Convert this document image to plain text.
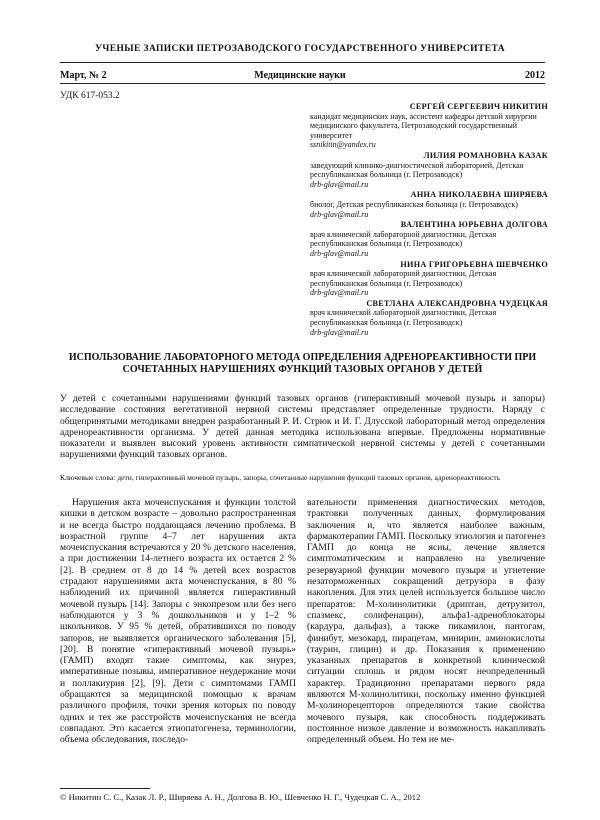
УЧЕНЫЕ ЗАПИСКИ ПЕТРОЗАВОДСКОГО ГОСУДАРСТВЕННОГО УНИВЕРСИТЕТА
Март, № 2	Медицинские науки	2012
УДК 617-053.2
СЕРГЕЙ СЕРГЕЕВИЧ НИКИТИН
кандидат медицинских наук, ассистент кафедры детской хирургии медицинского факультета, Петрозаводский государственный университет
ssnikitin@yandex.ru
ЛИЛИЯ РОМАНОВНА КАЗАК
заведующий клинико-диагностической лабораторией, Детская республиканская больница (г. Петрозаводск)
drb-glav@mail.ru
АННА НИКОЛАЕВНА ШИРЯЕВА
биолог, Детская республиканская больница (г. Петрозаводск)
drb-glav@mail.ru
ВАЛЕНТИНА ЮРЬЕВНА ДОЛГОВА
врач клинической лабораторной диагностики, Детская республиканская больница (г. Петрозаводск)
drb-glav@mail.ru
НИНА ГРИГОРЬЕВНА ШЕВЧЕНКО
врач клинической лабораторной диагностики, Детская республиканская больница (г. Петрозаводск)
drb-glav@mail.ru
СВЕТЛАНА АЛЕКСАНДРОВНА ЧУДЕЦКАЯ
врач клинической лабораторной диагностики, Детская республиканская больница (г. Петрозаводск)
drb-glav@mail.ru
ИСПОЛЬЗОВАНИЕ ЛАБОРАТОРНОГО МЕТОДА ОПРЕДЕЛЕНИЯ АДРЕНОРЕАКТИВНОСТИ ПРИ СОЧЕТАННЫХ НАРУШЕНИЯХ ФУНКЦИЙ ТАЗОВЫХ ОРГАНОВ У ДЕТЕЙ
У детей с сочетанными нарушениями функций тазовых органов (гиперактивный мочевой пузырь и запоры) исследование состояния вегетативной нервной системы представляет определенные трудности. Наряду с общепринятыми методиками внедрен разработанный Р. И. Стрюк и И. Г. Длусской лабораторный метод определения адренореактивности организма. У детей данная методика использована впервые. Предложены нормативные показатели и выявлен высокий уровень активности симпатической нервной системы у детей с сочетанными нарушениями функций тазовых органов.
Ключевые слова: дети, гиперактивный мочевой пузырь, запоры, сочетанные нарушения функций тазовых органов, адренореактивность
Нарушения акта мочеиспускания и функции толстой кишки в детском возрасте – довольно распространенная и не всегда быстро поддающаяся лечению проблема. В возрастной группе 4–7 лет нарушения акта мочеиспускания встречаются у 20 % детского населения, а при достижении 14-летнего возраста их остается 2 % [2]. В среднем от 8 до 14 % детей всех возрастов страдают нарушениями акта мочеиспускания, в 80 % наблюдений их причиной является гиперактивный мочевой пузырь [14]. Запоры с энкопрезом или без него наблюдаются у 3 % дошкольников и у 1–2 % школьников. У 95 % детей, обратившихся по поводу запоров, не выявляется органического заболевания [5], [20]. В понятие «гиперактивный мочевой пузырь» (ГАМП) входят такие симптомы, как энурез, императивные позывы, императивное неудержание мочи и поллакиурия [2], [9]. Дети с симптомами ГАМП обращаются за медицинской помощью к врачам различного профиля, точки зрения которых по поводу одних и тех же расстройств мочеиспускания не всегда совпадают. Это касается этиопатогенеза, терминологии, объема обследования, последо-
вательности применения диагностических методов, трактовки полученных данных, формулирования заключения и, что является наиболее важным, фармакотерапии ГАМП. Поскольку этиология и патогенез ГАМП до конца не ясны, лечение является симптоматическим и направлено на увеличение резервуарной функции мочевого пузыря и угнетение незаторможенных сокращений детрузора в фазу накопления. Для этих целей используется большое число препаратов: М-холинолитики (дриптан, детрузитол, спазмекс, солифенацин), альфа1-адреноблокаторы (кардура, дальфаз), а также пикамилон, пантогам, финибут, мезокард, пирацетам, минирин, аминокислоты (таурин, глицин) и др. Показания к применению указанных препаратов в конкретной клинической ситуации сплошь и рядом носят неопределенный характер. Традиционно препаратами первого ряда являются М-холинолитики, поскольку именно функцией М-холинорецепторов определяются такие свойства мочевого пузыря, как способность поддерживать постоянное низкое давление и возможность накапливать определенный объем. Но тем не ме-
© Никитин С. С., Казак Л. Р., Ширяева А. Н., Долгова В. Ю., Шевченко Н. Г., Чудецкая С. А., 2012
